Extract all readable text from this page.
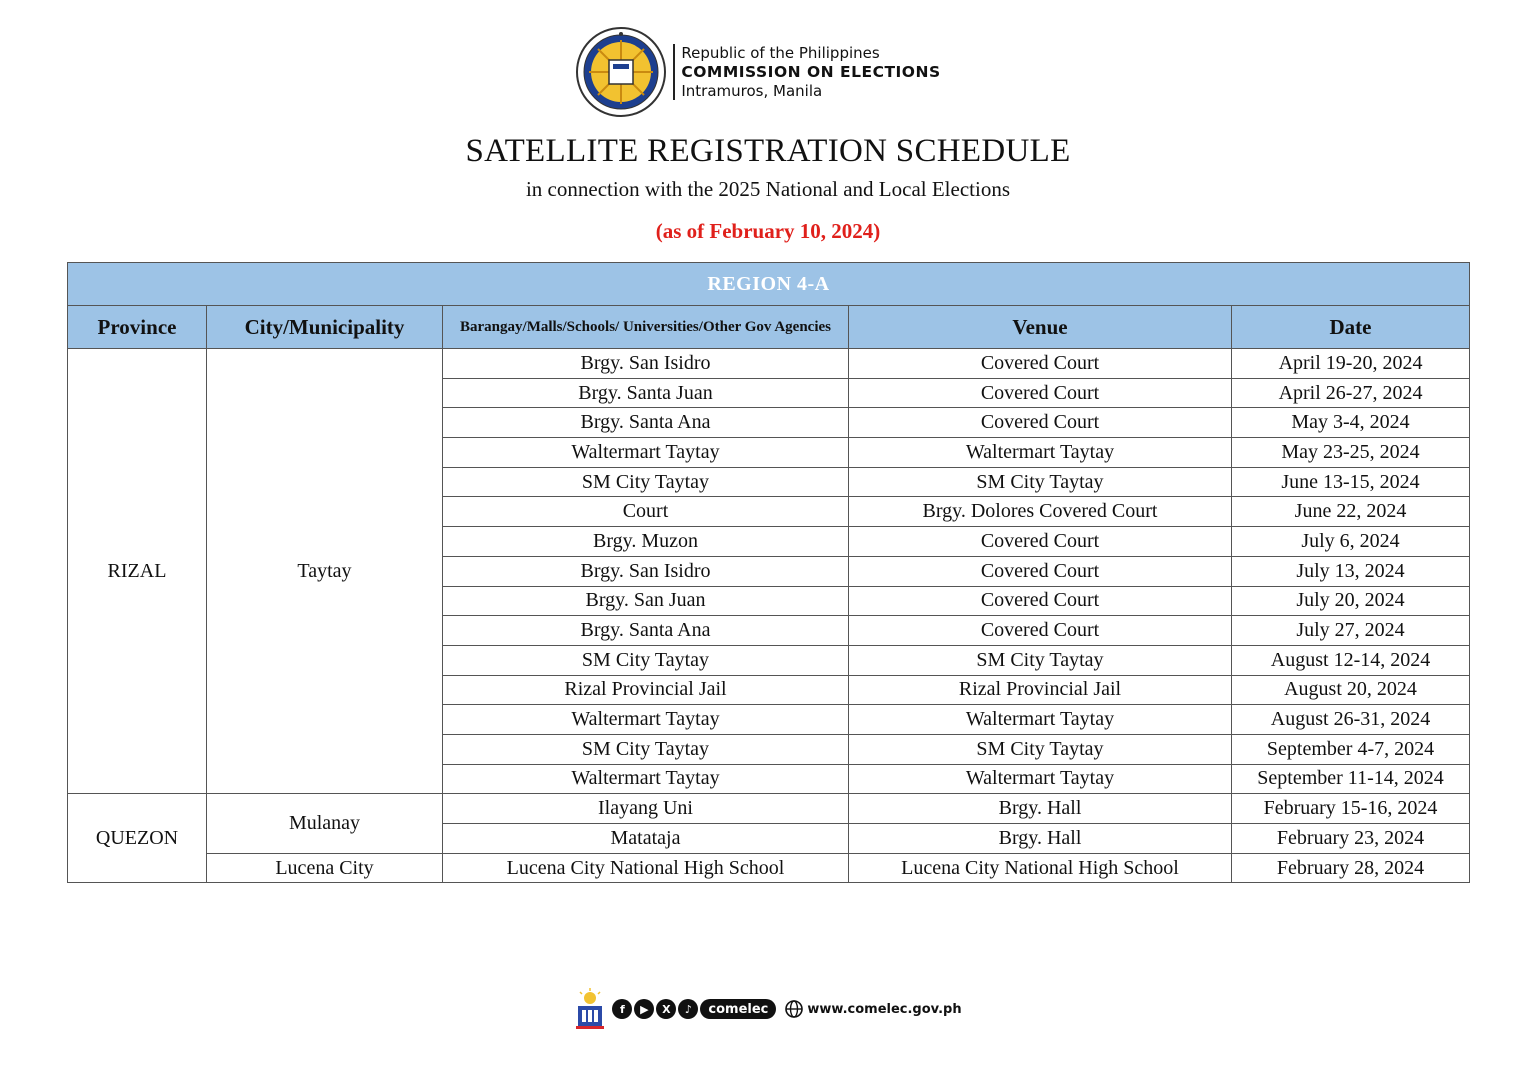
Republic of the Philippines
COMMISSION ON ELECTIONS
Intramuros, Manila
SATELLITE REGISTRATION SCHEDULE
in connection with the 2025 National and Local Elections
(as of February 10, 2024)
REGION 4-A				
Province	City/Municipality	Barangay/Malls/Schools/ Universities/Other Gov Agencies	Venue	Date
RIZAL	Taytay	Brgy. San Isidro	Covered Court	April 19-20, 2024
		Brgy. Santa Juan	Covered Court	April 26-27, 2024
		Brgy. Santa Ana	Covered Court	May 3-4, 2024
		Waltermart Taytay	Waltermart Taytay	May 23-25, 2024
		SM City Taytay	SM City Taytay	June 13-15, 2024
		Court	Brgy. Dolores Covered Court	June 22, 2024
		Brgy. Muzon	Covered Court	July 6, 2024
		Brgy. San Isidro	Covered Court	July 13, 2024
		Brgy. San Juan	Covered Court	July 20, 2024
		Brgy. Santa Ana	Covered Court	July 27, 2024
		SM City Taytay	SM City Taytay	August 12-14, 2024
		Rizal Provincial Jail	Rizal Provincial Jail	August 20, 2024
		Waltermart Taytay	Waltermart Taytay	August 26-31, 2024
		SM City Taytay	SM City Taytay	September 4-7, 2024
		Waltermart Taytay	Waltermart Taytay	September 11-14, 2024
QUEZON	Mulanay	Ilayang Uni	Brgy. Hall	February 15-16, 2024
		Matataja	Brgy. Hall	February 23, 2024
	Lucena City	Lucena City National High School	Lucena City National High School	February 28, 2024
f	▶	X	♪	comelec	www.comelec.gov.ph
